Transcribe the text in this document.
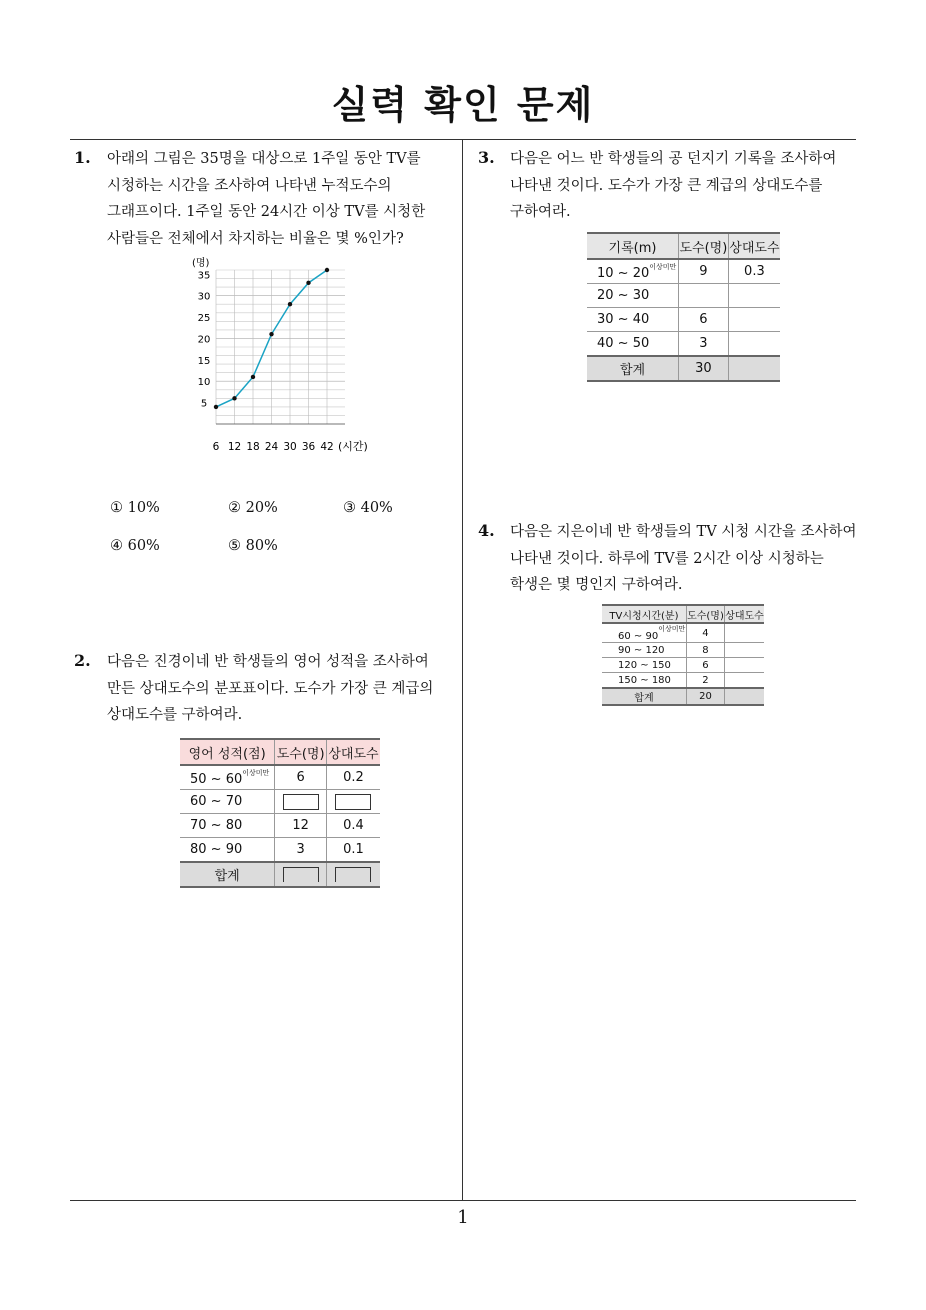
실력 확인 문제
1
1. 아래의 그림은 35명을 대상으로 1주일 동안 TV를 시청하는 시간을 조사하여 나타낸 누적도수의 그래프이다. 1주일 동안 24시간 이상 TV를 시청한 사람들은 전체에서 차지하는 비율은 몇 %인가?
5
10
15
20
25
30
35
6 12 18 24 30 36 42
(명)
(시간)
① 10%	② 20%	③ 40%
④ 60%	⑤ 80%
2. 다음은 진경이네 반 학생들의 영어 성적을 조사하여 만든 상대도수의 분포표이다. 도수가 가장 큰 계급의 상대도수를 구하여라.
영어 성적(점)	도수(명)	상대도수
50 ~ $60^{이상미만}$	6	0.2
60 ~ 70		
70 ~ 80	12	0.4
80 ~ 90	3	0.1
합계		
3. 다음은 어느 반 학생들의 공 던지기 기록을 조사하여 나타낸 것이다. 도수가 가장 큰 계급의 상대도수를 구하여라.
기록(m)	도수(명)	상대도수
10 ~ $20^{이상미만}$	9	0.3
20 ~ 30		
30 ~ 40	6	
40 ~ 50	3	
합계	30	
4. 다음은 지은이네 반 학생들의 TV 시청 시간을 조사하여 나타낸 것이다. 하루에 TV를 2시간 이상 시청하는 학생은 몇 명인지 구하여라.
TV시청시간(분)	도수(명)	상대도수
60 ~ $90^{이상미만}$	4	
90 ~ 120	8	
120 ~ 150	6	
150 ~ 180	2	
합계	20	
